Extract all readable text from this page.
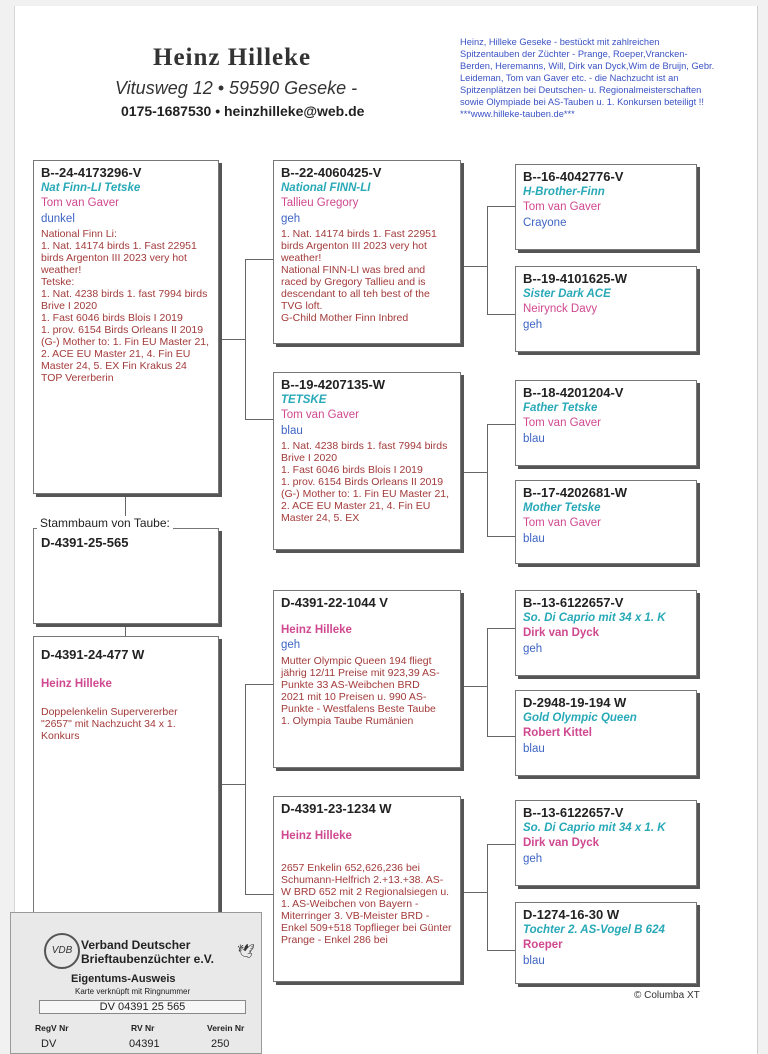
Heinz Hilleke
Vitusweg 12 • 59590 Geseke -
0175-1687530 • heinzhilleke@web.de
Heinz, Hilleke Geseke - bestückt mit zahlreichen Spitzentauben der Züchter - Prange, Roeper,Vrancken-Berden, Heremanns, Will, Dirk van Dyck,Wim de Bruijn, Gebr. Leideman, Tom van Gaver etc. - die Nachzucht ist an Spitzenplätzen bei Deutschen- u. Regionalmeisterschaften sowie Olympiade bei AS-Tauben u. 1. Konkursen beteiligt !! ***www.hilleke-tauben.de***
B--24-4173296-V
Nat Finn-LI Tetske
Tom van Gaver
dunkel
National Finn Li:
1. Nat. 14174 birds 1. Fast 22951 birds Argenton III 2023 very hot weather!
Tetske:
1. Nat. 4238 birds 1. fast 7994 birds Brive I 2020
1. Fast 6046 birds Blois I 2019
1. prov. 6154 Birds Orleans II 2019
(G-) Mother to: 1. Fin EU Master 21, 2. ACE EU Master 21, 4. Fin EU Master 24, 5. EX Fin Krakus 24
TOP Vererberin
D-4391-25-565
Stammbaum von Taube:
D-4391-24-477 W
Heinz Hilleke
Doppelenkelin Supervererber "2657" mit Nachzucht 34 x 1. Konkurs
B--22-4060425-V
National FINN-LI
Tallieu Gregory
geh
1. Nat. 14174 birds 1. Fast 22951 birds Argenton III 2023 very hot weather!
National FINN-LI was bred and raced by Gregory Tallieu and is descendant to all teh best of the TVG loft.
G-Child Mother Finn Inbred
B--19-4207135-W
TETSKE
Tom van Gaver
blau
1. Nat. 4238 birds 1. fast 7994 birds Brive I 2020
1. Fast 6046 birds Blois I 2019
1. prov. 6154 Birds Orleans II 2019
(G-) Mother to: 1. Fin EU Master 21, 2. ACE EU Master 21, 4. Fin EU Master 24, 5. EX
D-4391-22-1044 V
Heinz Hilleke
geh
Mutter Olympic Queen 194 fliegt jährig 12/11 Preise mit 923,39 AS-Punkte 33 AS-Weibchen BRD
2021 mit 10 Preisen u. 990 AS-Punkte - Westfalens Beste Taube
1. Olympia Taube Rumänien
D-4391-23-1234 W
Heinz Hilleke
2657 Enkelin 652,626,236 bei Schumann-Helfrich 2.+13.+38. AS-W BRD 652 mit 2 Regionalsiegen u. 1. AS-Weibchen von Bayern - Miterringer 3. VB-Meister BRD - Enkel 509+518 Topflieger bei Günter Prange - Enkel 286 bei
B--16-4042776-V
H-Brother-Finn
Tom van Gaver
Crayone
B--19-4101625-W
Sister Dark ACE
Neirynck Davy
geh
B--18-4201204-V
Father Tetske
Tom van Gaver
blau
B--17-4202681-W
Mother Tetske
Tom van Gaver
blau
B--13-6122657-V
So. Di Caprio mit 34 x 1. K
Dirk van Dyck
geh
D-2948-19-194 W
Gold Olympic Queen
Robert Kittel
blau
B--13-6122657-V
So. Di Caprio mit 34 x 1. K
Dirk van Dyck
geh
D-1274-16-30 W
Tochter 2. AS-Vogel B 624
Roeper
blau
© Columba XT
VDB Verband Deutscher Brieftaubenzüchter e.V.	🕊
Eigentums-Ausweis
Karte verknüpft mit Ringnummer
DV 04391 25 565
RegV Nr	RV Nr	Verein Nr
DV	04391	250
